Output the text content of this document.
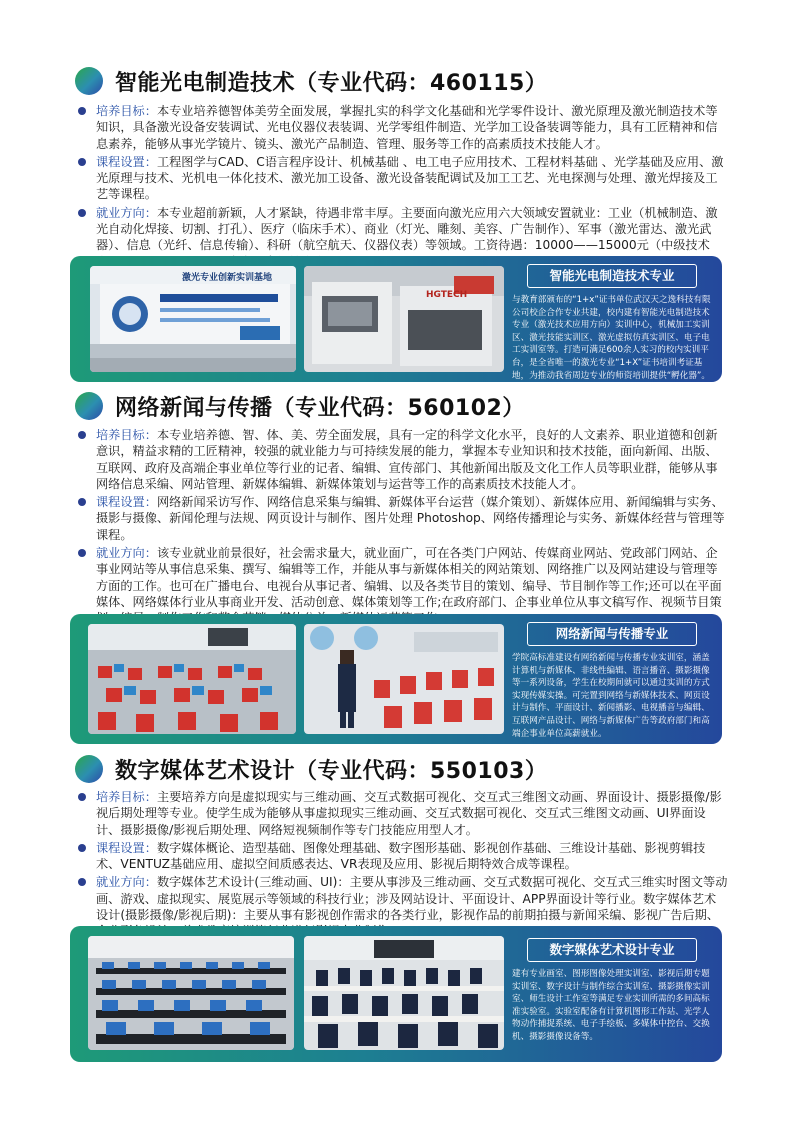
智能光电制造技术（专业代码：460115）

培养目标：本专业培养德智体美劳全面发展，掌握扎实的科学文化基础和光学零件设计、激光原理及激光制造技术等知识，具备激光设备安装调试、光电仪器仪表装调、光学零组件制造、光学加工设备装调等能力，具有工匠精神和信息素养，能够从事光学镜片、镜头、激光产品制造、管理、服务等工作的高素质技术技能人才。

课程设置：工程图学与CAD、C语言程序设计、机械基础 、电工电子应用技术、工程材料基础 、光学基础及应用、激光原理与技术、光机电一体化技术、激光加工设备、激光设备装配调试及加工工艺、光电探测与处理、激光焊接及工艺等课程。

就业方向：本专业超前新颖，人才紧缺，待遇非常丰厚。主要面向激光应用六大领域安置就业：工业（机械制造、激光自动化焊接、切割、打孔）、医疗（临床手术）、商业（灯光、雕刻、美容、广告制作）、军事（激光雷达、激光武器）、信息（光纤、信息传输）、科研（航空航天、仪器仪表）等领域。工资待遇：10000——15000元（中级技术

激光专业创新实训基地
HGTECH
智能光电制造技术专业
与教育部颁布的“1+x”证书单位武汉天之逸科技有限公司校企合作专业共建，校内建有智能光电制造技术专业（激光技术应用方向）实训中心，机械加工实训区、激光技能实训区、激光虚拟仿真实训区、电子电工实训室等。打造可满足600余人实习的校内实训平台，是全省唯一的激光专业“1+X”证书培训考证基地，为推动我省周边专业的师资培训提供“孵化器”。
网络新闻与传播（专业代码：560102）

培养目标：本专业培养德、智、体、美、劳全面发展，具有一定的科学文化水平，良好的人文素养、职业道德和创新意识，精益求精的工匠精神，较强的就业能力与可持续发展的能力，掌握本专业知识和技术技能，面向新闻、出版、互联网、政府及高端企事业单位等行业的记者、编辑、宣传部门、其他新闻出版及文化工作人员等职业群，能够从事网络信息采编、网站管理、新媒体编辑、新媒体策划与运营等工作的高素质技术技能人才。

课程设置：网络新闻采访写作、网络信息采集与编辑、新媒体平台运营（媒介策划）、新媒体应用、新闻编辑与实务、摄影与摄像、新闻伦理与法规、网页设计与制作、图片处理 Photoshop、网络传播理论与实务、新媒体经营与管理等课程。

就业方向：该专业就业前景很好，社会需求量大，就业面广，可在各类门户网站、传媒商业网站、党政部门网站、企事业网站等从事信息采集、撰写、编辑等工作，并能从事与新媒体相关的网站策划、网络推广以及网站建设与管理等方面的工作。也可在广播电台、电视台从事记者、编辑、以及各类节目的策划、编导、节目制作等工作;还可以在平面媒体、网络媒体行业从事商业开发、活动创意、媒体策划等工作;在政府部门、企事业单位从事文稿写作、视频节目策

网络新闻与传播专业
学院高标准建设有网络新闻与传播专业实训室，涵盖计算机与新媒体、非线性编辑、语言播音、摄影摄像等一系列设备，学生在校期间就可以通过实训的方式实现传媒实操。可完置到网络与新媒体技术、网页设计与制作、平面设计、新闻播影、电视播音与编辑、互联网产品设计、网络与新媒体广告等政府部门和高端企事业单位高薪就业。
数字媒体艺术设计（专业代码：550103）

培养目标：主要培养方向是虚拟现实与三维动画、交互式数据可视化、交互式三维图文动画、界面设计、摄影摄像/影视后期处理等专业。使学生成为能够从事虚拟现实三维动画、交互式数据可视化、交互式三维图文动画、UI界面设计、摄影摄像/影视后期处理、网络短视频制作等专门技能应用型人才。

课程设置：数字媒体概论、造型基础、图像处理基础、数字图形基础、影视创作基础、三维设计基础、影视剪辑技术、VENTUZ基础应用、虚拟空间质感表达、VR表现及应用、影视后期特效合成等课程。

就业方向：数字媒体艺术设计(三维动画、UI)：主要从事涉及三维动画、交互式数据可视化、交互式三维实时图文等动画、游戏、虚拟现实、展览展示等领域的科技行业；涉及网站设计、平面设计、APP界面设计等行业。数字媒体艺术设计(摄影摄像/影视后期)：主要从事有影视创作需求的各类行业，影视作品的前期拍摄与新闻采编、影视广告后期、

数字媒体艺术设计专业
建有专业画室、图形图像处理实训室、影视后期专题实训室、数字设计与制作综合实训室、摄影摄像实训室、师生设计工作室等满足专业实训所需的多间高标准实验室。实验室配备有计算机图形工作站、光学人物动作捕捉系统、电子手绘板、多媒体中控台、交换机、摄影摄像设备等。
